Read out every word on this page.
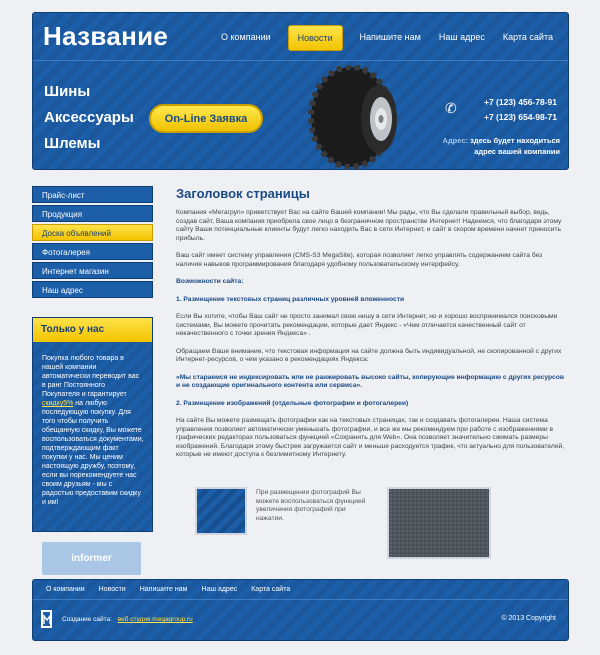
Название	О компании	Новости	Напишите нам	Наш адрес	Карта сайта
Шины
Аксессуары
Шлемы
On-Line Заявка
✆	+7 (123) 456-78-91
+7 (123) 654-98-71
Адрес: здесь будет находиться
адрес вашей компании
Прайс-лист
Продукция
Доска объявлений
Фотогалерея
Интернет магазин
Наш адрес
Только у нас
Покупка любого товара в нашей компании автоматически переводит вас в ранг Постоянного Покупателя и гарантирует скидку5% на любую последующую покупку. Для того чтобы получить обещанную скидку, Вы можете воспользоваться документами, подтверждающим факт покупки у нас. Мы ценим настоящую дружбу, поэтому, если вы порекомендуете нас своим друзьям - мы с радостью предоставим скидку и им!
informer
Заголовок страницы

Компания «Мегагруп» приветствует Вас на сайте Вашей компании! Мы рады, что Вы сделали правильный выбор, ведь, создав сайт, Ваша компания приобрела свое лицо в безграничном пространстве Интернет! Надеемся, что благодаря этому сайту Ваши потенциальные клиенты будут легко находить Вас в сети Интернет, и сайт в скором времени начнет приносить прибыль.

Ваш сайт имеет систему управления (CMS-S3 MegaSite), которая позволяет легко управлять содержанием сайта без наличия навыков программирования благодаря удобному пользовательскому интерфейсу.

Возможности сайта:

1. Размещение текстовых страниц различных уровней вложенности

Если Вы хотите, чтобы Ваш сайт не просто занимал свою нишу в сети Интернет, но и хорошо воспринимался поисковыми системами, Вы можете прочитать рекомендации, которые дает Яндекс - «Чем отличается качественный сайт от некачественного с точки зрения Яндекса» .

Обращаем Ваше внимание, что текстовая информация на сайте должна быть индивидуальной, не скопированной с других Интернет-ресурсов, о чем указано в рекомендациях Яндекса:

«Мы стараемся не индексировать или не ранжировать высоко сайты, копирующие информацию с других ресурсов и не создающие оригинального контента или сервиса».

2. Размещение изображений (отдельные фотографии и фотогалереи)

На сайте Вы можете размещать фотографии как на текстовых страницах, так и создавать фотогалереи. Наша система управления позволяет автоматически уменьшать фотографии, и все же мы рекомендуем при работе с изображениями в графических редакторах пользоваться функцией «Сохранить для Web». Она позволяет значительно сжимать размеры изображений. Благодаря этому быстрее загружается сайт и меньше расходуется трафик, что актуально для пользователей, которые не имеют доступа к безлимитному Интернету.

При размещении фотографий Вы можете воспользоваться функцией увеличения фотографий при нажатии.
О компании	Новости	Напишите нам	Наш адрес	Карта сайта
Создание сайта: веб студия megagroup.ru	© 2013 Copyright
